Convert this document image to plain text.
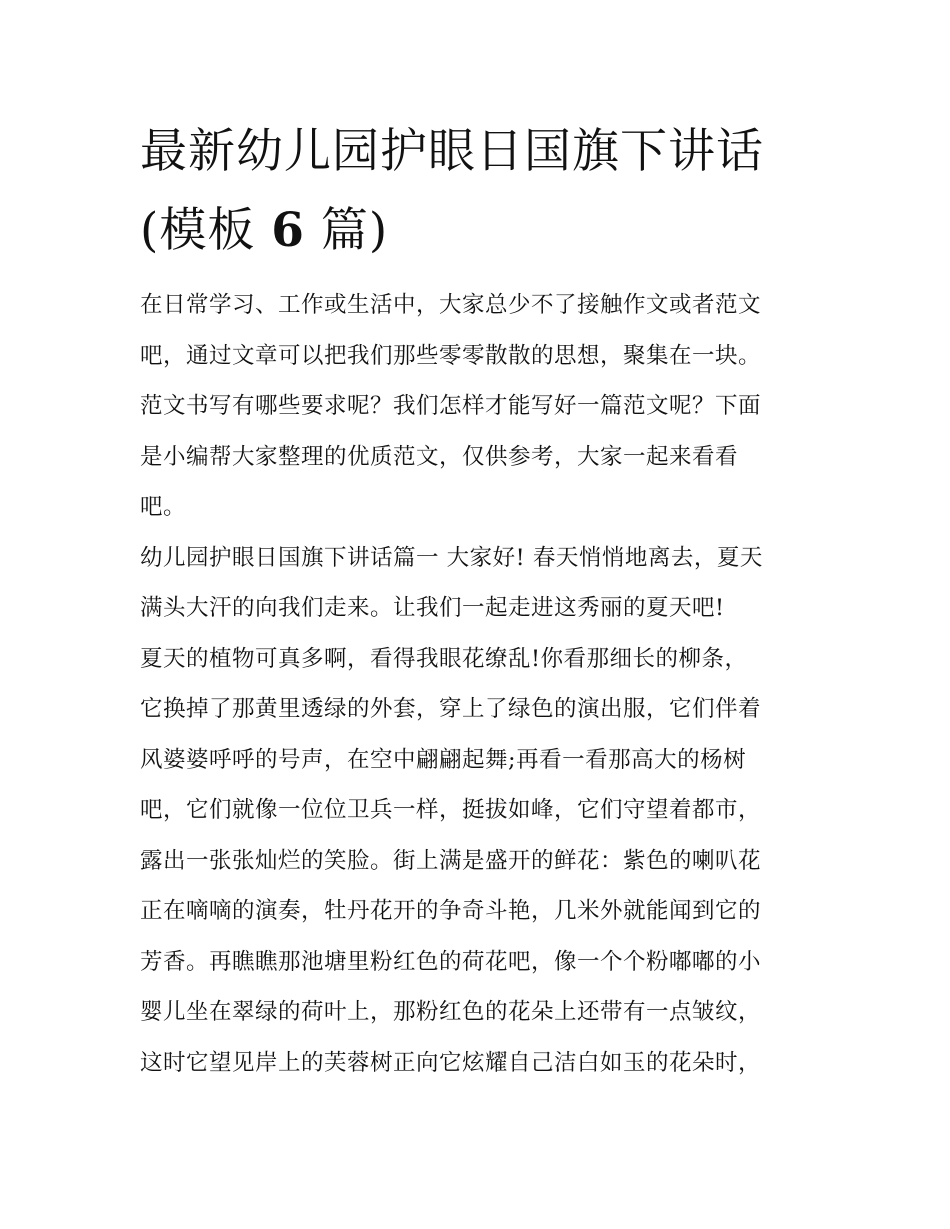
最新幼儿园护眼日国旗下讲话
(模板 6 篇)
在日常学习、工作或生活中，大家总少不了接触作文或者范文
吧，通过文章可以把我们那些零零散散的思想，聚集在一块。
范文书写有哪些要求呢？我们怎样才能写好一篇范文呢？下面
是小编帮大家整理的优质范文，仅供参考，大家一起来看看
吧。
幼儿园护眼日国旗下讲话篇一 大家好! 春天悄悄地离去，夏天
满头大汗的向我们走来。让我们一起走进这秀丽的夏天吧!
夏天的植物可真多啊，看得我眼花缭乱!你看那细长的柳条，
它换掉了那黄里透绿的外套，穿上了绿色的演出服，它们伴着
风婆婆呼呼的号声，在空中翩翩起舞;再看一看那高大的杨树
吧，它们就像一位位卫兵一样，挺拔如峰，它们守望着都市，
露出一张张灿烂的笑脸。街上满是盛开的鲜花：紫色的喇叭花
正在嘀嘀的演奏，牡丹花开的争奇斗艳，几米外就能闻到它的
芳香。再瞧瞧那池塘里粉红色的荷花吧，像一个个粉嘟嘟的小
婴儿坐在翠绿的荷叶上，那粉红色的花朵上还带有一点皱纹，
这时它望见岸上的芙蓉树正向它炫耀自己洁白如玉的花朵时，
